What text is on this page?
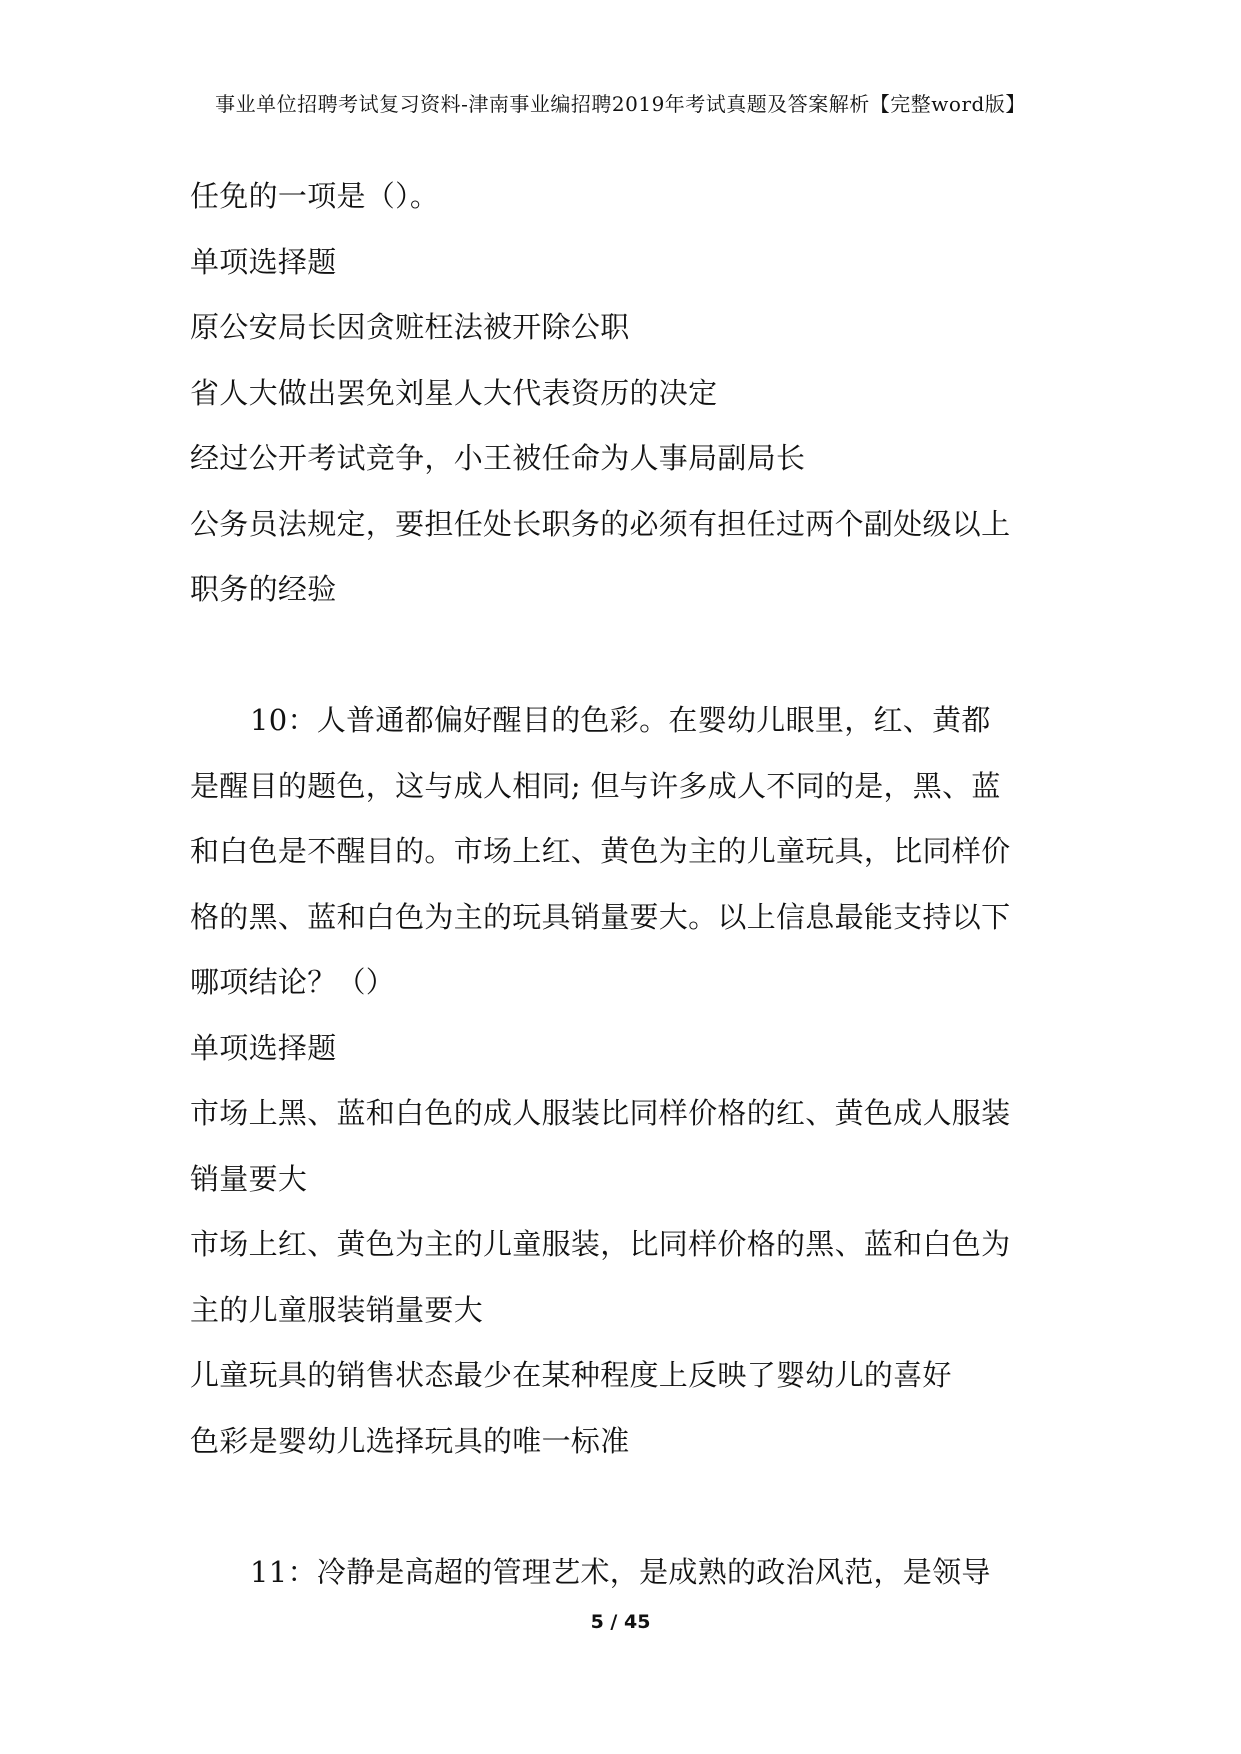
事业单位招聘考试复习资料-津南事业编招聘2019年考试真题及答案解析【完整word版】
任免的一项是（）。
单项选择题
原公安局长因贪赃枉法被开除公职
省人大做出罢免刘星人大代表资历的决定
经过公开考试竞争，小王被任命为人事局副局长
公务员法规定，要担任处长职务的必须有担任过两个副处级以上
职务的经验
10：人普通都偏好醒目的色彩。在婴幼儿眼里，红、黄都
是醒目的题色，这与成人相同; 但与许多成人不同的是，黑、蓝
和白色是不醒目的。市场上红、黄色为主的儿童玩具，比同样价
格的黑、蓝和白色为主的玩具销量要大。以上信息最能支持以下
哪项结论？（）
单项选择题
市场上黑、蓝和白色的成人服装比同样价格的红、黄色成人服装
销量要大
市场上红、黄色为主的儿童服装，比同样价格的黑、蓝和白色为
主的儿童服装销量要大
儿童玩具的销售状态最少在某种程度上反映了婴幼儿的喜好
色彩是婴幼儿选择玩具的唯一标准
11：冷静是高超的管理艺术，是成熟的政治风范，是领导
5 / 45
